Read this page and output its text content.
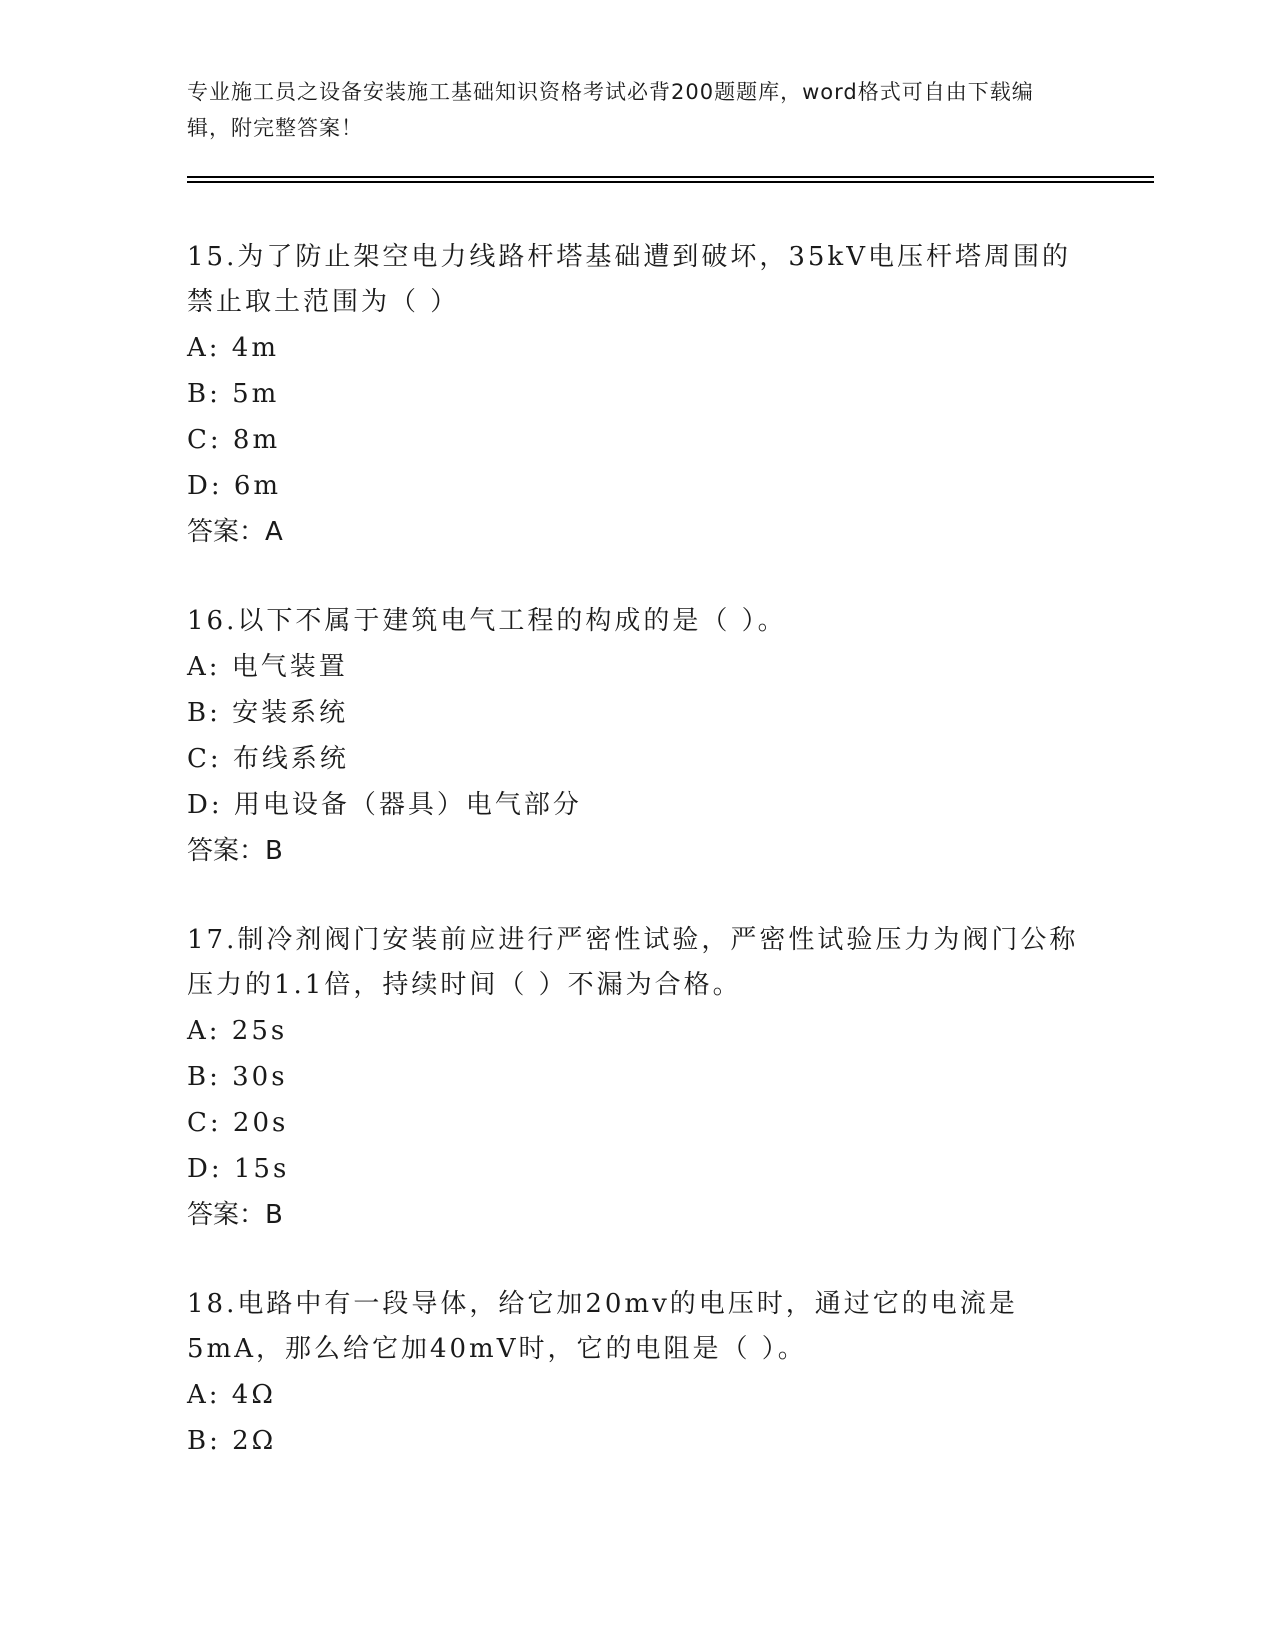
专业施工员之设备安装施工基础知识资格考试必背200题题库，word格式可自由下载编辑，附完整答案！

15.为了防止架空电力线路杆塔基础遭到破坏，35kV电压杆塔周围的禁止取土范围为（ ）

A: 4m

B: 5m

C: 8m

D: 6m

答案：A

16.以下不属于建筑电气工程的构成的是（ ）。

A: 电气装置

B: 安装系统

C: 布线系统

D: 用电设备（器具）电气部分

答案：B

17.制冷剂阀门安装前应进行严密性试验，严密性试验压力为阀门公称压力的1.1倍，持续时间（ ）不漏为合格。

A: 25s

B: 30s

C: 20s

D: 15s

答案：B

18.电路中有一段导体，给它加20mv的电压时，通过它的电流是5mA，那么给它加40mV时，它的电阻是（ ）。

A: 4Ω

B: 2Ω
